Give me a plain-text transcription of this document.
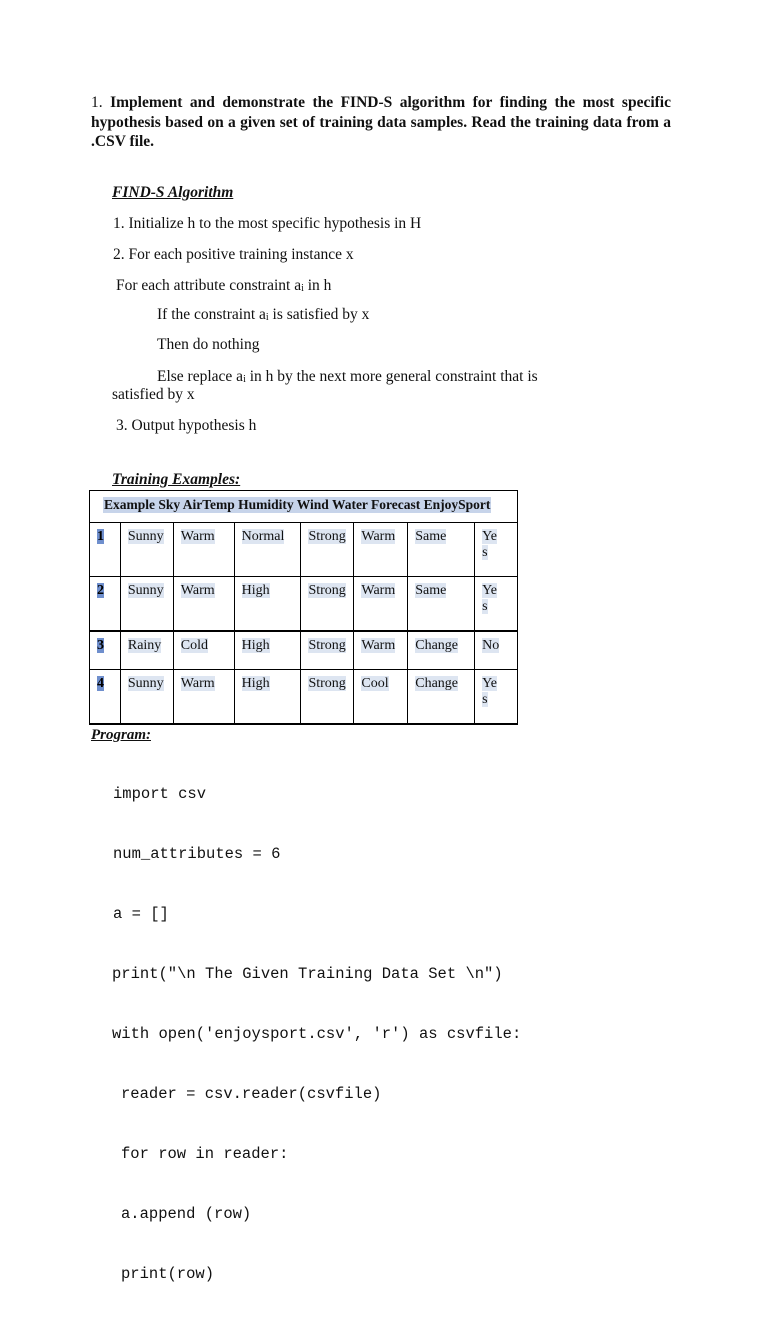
1. Implement and demonstrate the FIND-S algorithm for finding the most specific hypothesis based on a given set of training data samples. Read the training data from a .CSV file.
FIND-S Algorithm
1. Initialize h to the most specific hypothesis in H
2. For each positive training instance x
For each attribute constraint $a_i$ in h
If the constraint $a_i$ is satisfied by x
Then do nothing
Else replace $a_i$ in h by the next more general constraint that is
satisfied by x
3. Output hypothesis h
Training Examples:
Example Sky AirTemp Humidity Wind Water Forecast EnjoySport							
1	Sunny	Warm	Normal	Strong	Warm	Same	Ye
s
2	Sunny	Warm	High	Strong	Warm	Same	Ye
s
3	Rainy	Cold	High	Strong	Warm	Change	No
4	Sunny	Warm	High	Strong	Cool	Change	Ye
s
Program:

import csv

num_attributes = 6

a = []

print("\n The Given Training Data Set \n")

with open('enjoysport.csv', 'r') as csvfile:

reader = csv.reader(csvfile)

for row in reader:

a.append (row)

print(row)
